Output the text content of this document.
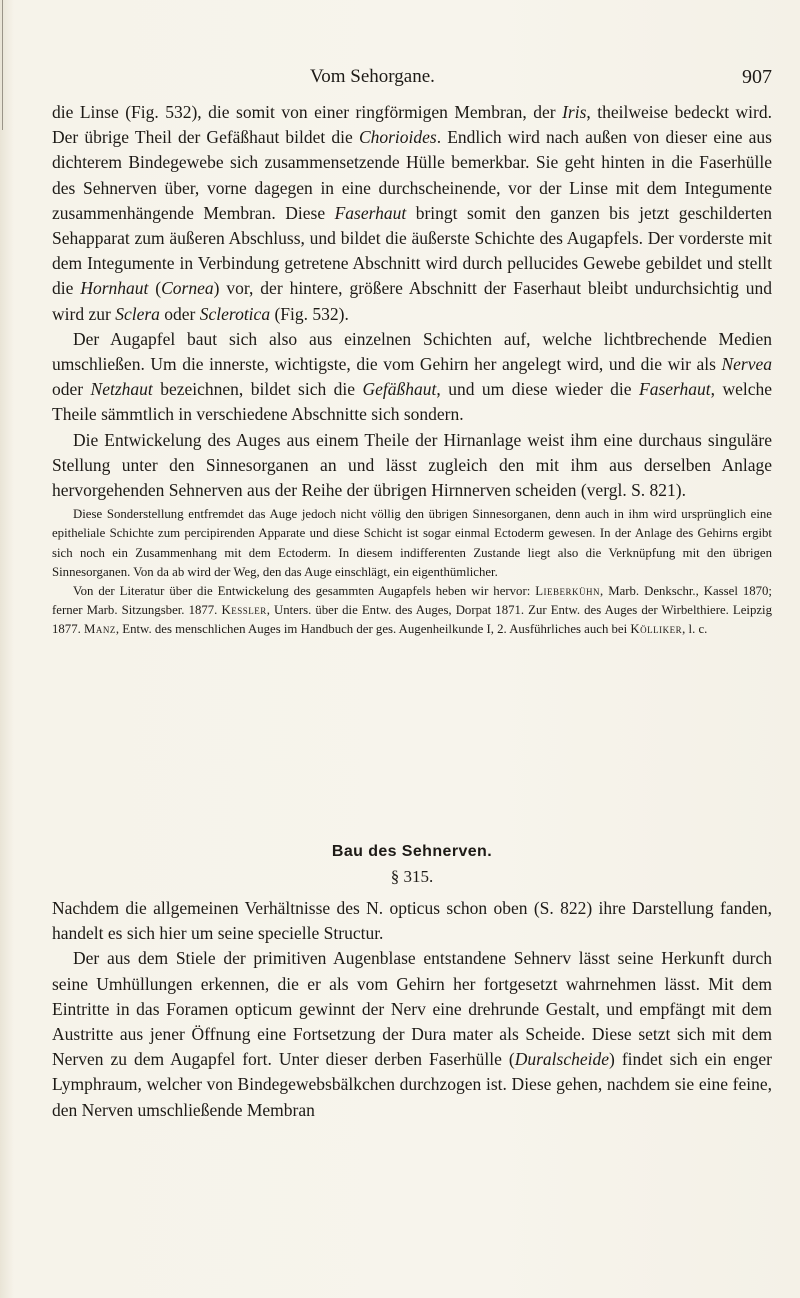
Vom Sehorgane.	907

die Linse (Fig. 532), die somit von einer ringförmigen Membran, der Iris, theilweise bedeckt wird. Der übrige Theil der Gefäßhaut bildet die Chorioides. Endlich wird nach außen von dieser eine aus dichterem Bindegewebe sich zusammensetzende Hülle bemerkbar. Sie geht hinten in die Faserhülle des Sehnerven über, vorne dagegen in eine durchscheinende, vor der Linse mit dem Integumente zusammenhängende Membran. Diese Faserhaut bringt somit den ganzen bis jetzt geschilderten Sehapparat zum äußeren Abschluss, und bildet die äußerste Schichte des Augapfels. Der vorderste mit dem Integumente in Verbindung getretene Abschnitt wird durch pellucides Gewebe gebildet und stellt die Hornhaut (Cornea) vor, der hintere, größere Abschnitt der Faserhaut bleibt undurchsichtig und wird zur Sclera oder Sclerotica (Fig. 532).

Der Augapfel baut sich also aus einzelnen Schichten auf, welche lichtbrechende Medien umschließen. Um die innerste, wichtigste, die vom Gehirn her angelegt wird, und die wir als Nervea oder Netzhaut bezeichnen, bildet sich die Gefäßhaut, und um diese wieder die Faserhaut, welche Theile sämmtlich in verschiedene Abschnitte sich sondern.

Die Entwickelung des Auges aus einem Theile der Hirnanlage weist ihm eine durchaus singuläre Stellung unter den Sinnesorganen an und lässt zugleich den mit ihm aus derselben Anlage hervorgehenden Sehnerven aus der Reihe der übrigen Hirnnerven scheiden (vergl. S. 821).

Diese Sonderstellung entfremdet das Auge jedoch nicht völlig den übrigen Sinnesorganen, denn auch in ihm wird ursprünglich eine epitheliale Schichte zum percipirenden Apparate und diese Schicht ist sogar einmal Ectoderm gewesen. In der Anlage des Gehirns ergibt sich noch ein Zusammenhang mit dem Ectoderm. In diesem indifferenten Zustande liegt also die Verknüpfung mit den übrigen Sinnesorganen. Von da ab wird der Weg, den das Auge einschlägt, ein eigenthümlicher.

Von der Literatur über die Entwickelung des gesammten Augapfels heben wir hervor: Lieberkühn, Marb. Denkschr., Kassel 1870; ferner Marb. Sitzungsber. 1877. Kessler, Unters. über die Entw. des Auges, Dorpat 1871. Zur Entw. des Auges der Wirbelthiere. Leipzig 1877. Manz, Entw. des menschlichen Auges im Handbuch der ges. Augenheilkunde I, 2. Ausführliches auch bei Kölliker, l. c.

Bau des Sehnerven.
§ 315.

Nachdem die allgemeinen Verhältnisse des N. opticus schon oben (S. 822) ihre Darstellung fanden, handelt es sich hier um seine specielle Structur.

Der aus dem Stiele der primitiven Augenblase entstandene Sehnerv lässt seine Herkunft durch seine Umhüllungen erkennen, die er als vom Gehirn her fortgesetzt wahrnehmen lässt. Mit dem Eintritte in das Foramen opticum gewinnt der Nerv eine drehrunde Gestalt, und empfängt mit dem Austritte aus jener Öffnung eine Fortsetzung der Dura mater als Scheide. Diese setzt sich mit dem Nerven zu dem Augapfel fort. Unter dieser derben Faserhülle (Duralscheide) findet sich ein enger Lymphraum, welcher von Bindegewebsbälkchen durchzogen ist. Diese gehen, nachdem sie eine feine, den Nerven umschließende Membran
